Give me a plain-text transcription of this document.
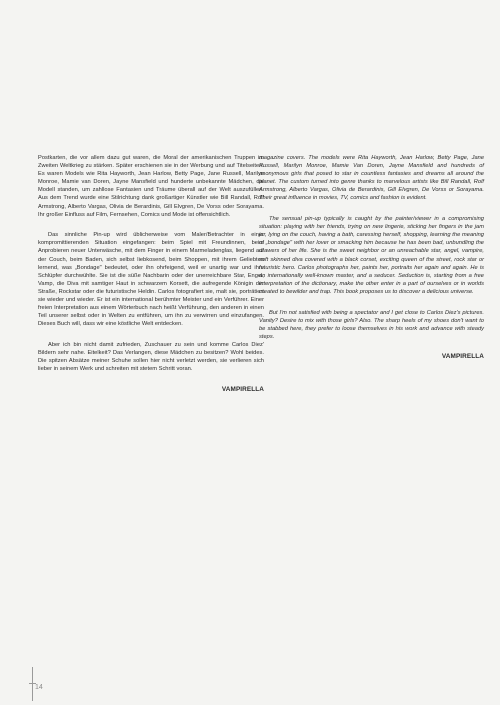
Postkarten, die vor allem dazu gut waren, die Moral der amerikanischen Truppen im Zweiten Weltkrieg zu stärken. Später erschienen sie in der Werbung und auf Titelseiten. Es waren Models wie Rita Hayworth, Jean Harlow, Betty Page, Jane Russell, Marilyn Monroe, Mamie van Doren, Jayne Mansfield und hunderte unbekannte Mädchen, die Modell standen, um zahllose Fantasien und Träume überall auf der Welt auszufüllen. Aus dem Trend wurde eine Stilrichtung dank großartiger Künstler wie Bill Randall, Rolf Armstrong, Alberto Vargas, Olivia de Berardinis, Gill Elvgren, De Vorss oder Sorayama. Ihr großer Einfluss auf Film, Fernsehen, Comics und Mode ist offensichtlich.

Das sinnliche Pin-up wird üblicherweise vom Maler/Betrachter in einer kompromittierenden Situation eingefangen: beim Spiel mit Freundinnen, beim Anprobieren neuer Unterwäsche, mit dem Finger in einem Marmeladenglas, liegend auf der Couch, beim Baden, sich selbst liebkosend, beim Shoppen, mit ihrem Geliebten lernend, was „Bondage" bedeutet, oder ihn ohrfeigend, weil er unartig war und ihre Schlüpfer durchwühlte. Sie ist die süße Nachbarin oder der unerreichbare Star, Engel, Vamp, die Diva mit samtiger Haut in schwarzem Korsett, die aufregende Königin der Straße, Rockstar oder die futuristische Heldin. Carlos fotografiert sie, malt sie, porträtiert sie wieder und wieder. Er ist ein international berühmter Meister und ein Verführer. Einer freien Interpretation aus einem Wörterbuch nach heißt Verführung, den anderen in einen Teil unserer selbst oder in Welten zu entführen, um ihn zu verwirren und einzufangen. Dieses Buch will, dass wir eine köstliche Welt entdecken.

Aber ich bin nicht damit zufrieden, Zuschauer zu sein und komme Carlos Diez' Bildern sehr nahe. Eitelkeit? Das Verlangen, diese Mädchen zu besitzen? Wohl beides. Die spitzen Absätze meiner Schuhe sollen hier nicht verletzt werden, sie verlieren sich lieber in seinem Werk und schreiten mit stetem Schritt voran.

VAMPIRELLA

magazine covers. The models were Rita Hayworth, Jean Harlow, Betty Page, Jane Russell, Marilyn Monroe, Mamie Van Doren, Jayne Mansfield and hundreds of anonymous girls that posed to star in countless fantasies and dreams all around the planet. The custom turned into genre thanks to marvelous artists like Bill Randall, Rolf Armstrong, Alberto Vargas, Olivia de Berardinis, Gill Elvgren, De Vorss or Sorayama. Their great influence in movies, TV, comics and fashion is evident.

The sensual pin-up typically is caught by the painter/viewer in a compromising situation: playing with her friends, trying on new lingerie, sticking her fingers in the jam jar, lying on the couch, having a bath, caressing herself, shopping, learning the meaning of „bondage" with her lover or smacking him because he has been bad, unbundling the drawers of her life. She is the sweet neighbor or an unreachable star, angel, vampire, soft skinned diva covered with a black corset, exciting queen of the street, rock star or futuristic hero. Carlos photographs her, paints her, portraits her again and again. He is an internationally well-known master, and a seducer. Seduction is, starting from a free interpretation of the dictionary, make the other enter in a part of ourselves or in worlds created to bewilder and trap. This book proposes us to discover a delicious universe.

But I'm not satisfied with being a spectator and I get close to Carlos Diez's pictures. Vanity? Desire to mix with those girls? Also. The sharp heels of my shoes don't want to be stabbed here, they prefer to loose themselves in his work and advance with steady steps.

VAMPIRELLA
14
